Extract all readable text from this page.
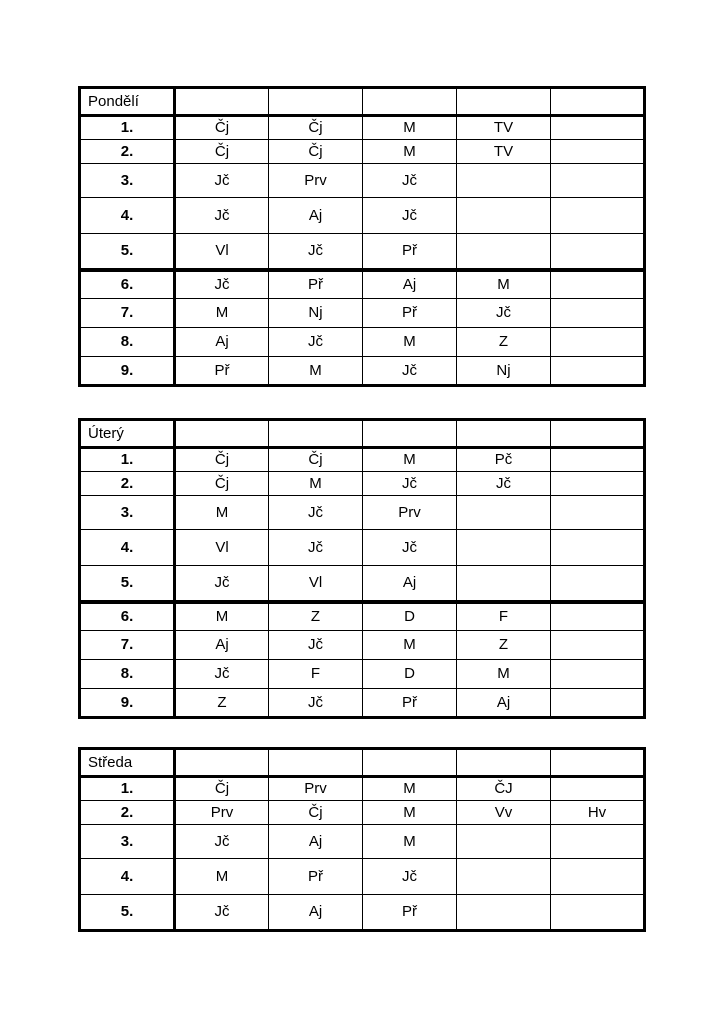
Pondělí					
1.	Čj	Čj	M	TV	
2.	Čj	Čj	M	TV	
3.	Jč	Prv	Jč		
4.	Jč	Aj	Jč		
5.	Vl	Jč	Př		
6.	Jč	Př	Aj	M	
7.	M	Nj	Př	Jč	
8.	Aj	Jč	M	Z	
9.	Př	M	Jč	Nj	
Úterý					
1.	Čj	Čj	M	Pč	
2.	Čj	M	Jč	Jč	
3.	M	Jč	Prv		
4.	Vl	Jč	Jč		
5.	Jč	Vl	Aj		
6.	M	Z	D	F	
7.	Aj	Jč	M	Z	
8.	Jč	F	D	M	
9.	Z	Jč	Př	Aj	
Středa					
1.	Čj	Prv	M	ČJ	
2.	Prv	Čj	M	Vv	Hv
3.	Jč	Aj	M		
4.	M	Př	Jč		
5.	Jč	Aj	Př		
